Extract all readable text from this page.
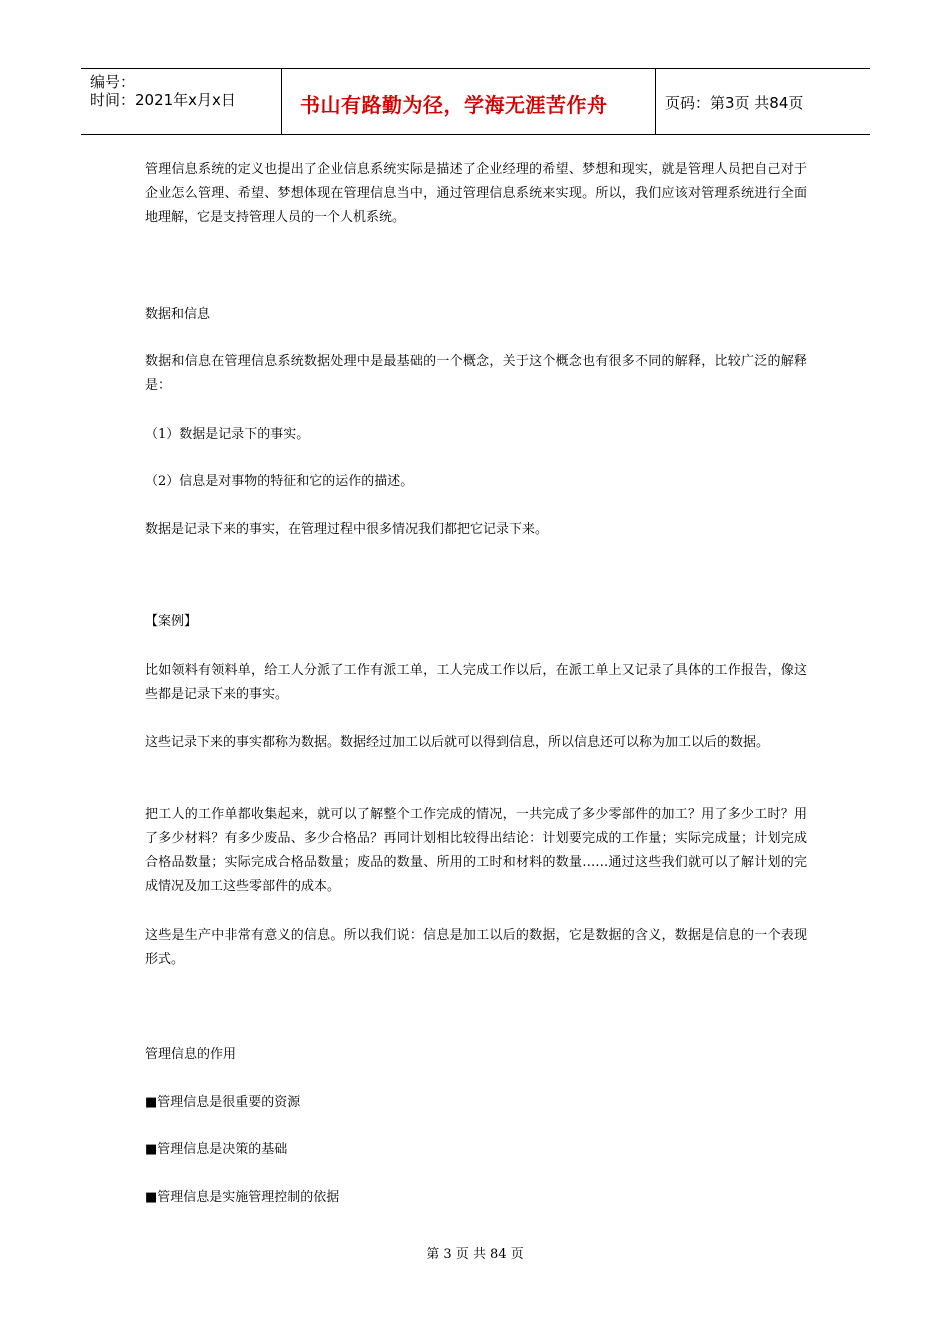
编号：
时间：2021年x月x日	书山有路勤为径，学海无涯苦作舟	页码：第3页 共84页
管理信息系统的定义也提出了企业信息系统实际是描述了企业经理的希望、梦想和现实，就是管理人员把自己对于企业怎么管理、希望、梦想体现在管理信息当中，通过管理信息系统来实现。所以，我们应该对管理系统进行全面地理解，它是支持管理人员的一个人机系统。
数据和信息
数据和信息在管理信息系统数据处理中是最基础的一个概念，关于这个概念也有很多不同的解释，比较广泛的解释是：
（1）数据是记录下的事实。
（2）信息是对事物的特征和它的运作的描述。
数据是记录下来的事实，在管理过程中很多情况我们都把它记录下来。
【案例】
比如领料有领料单，给工人分派了工作有派工单，工人完成工作以后，在派工单上又记录了具体的工作报告，像这些都是记录下来的事实。
这些记录下来的事实都称为数据。数据经过加工以后就可以得到信息，所以信息还可以称为加工以后的数据。
把工人的工作单都收集起来，就可以了解整个工作完成的情况，一共完成了多少零部件的加工？用了多少工时？用了多少材料？有多少废品、多少合格品？再同计划相比较得出结论：计划要完成的工作量；实际完成量；计划完成合格品数量；实际完成合格品数量；废品的数量、所用的工时和材料的数量……通过这些我们就可以了解计划的完成情况及加工这些零部件的成本。
这些是生产中非常有意义的信息。所以我们说：信息是加工以后的数据，它是数据的含义，数据是信息的一个表现形式。
管理信息的作用
■管理信息是很重要的资源
■管理信息是决策的基础
■管理信息是实施管理控制的依据
第 3 页 共 84 页
